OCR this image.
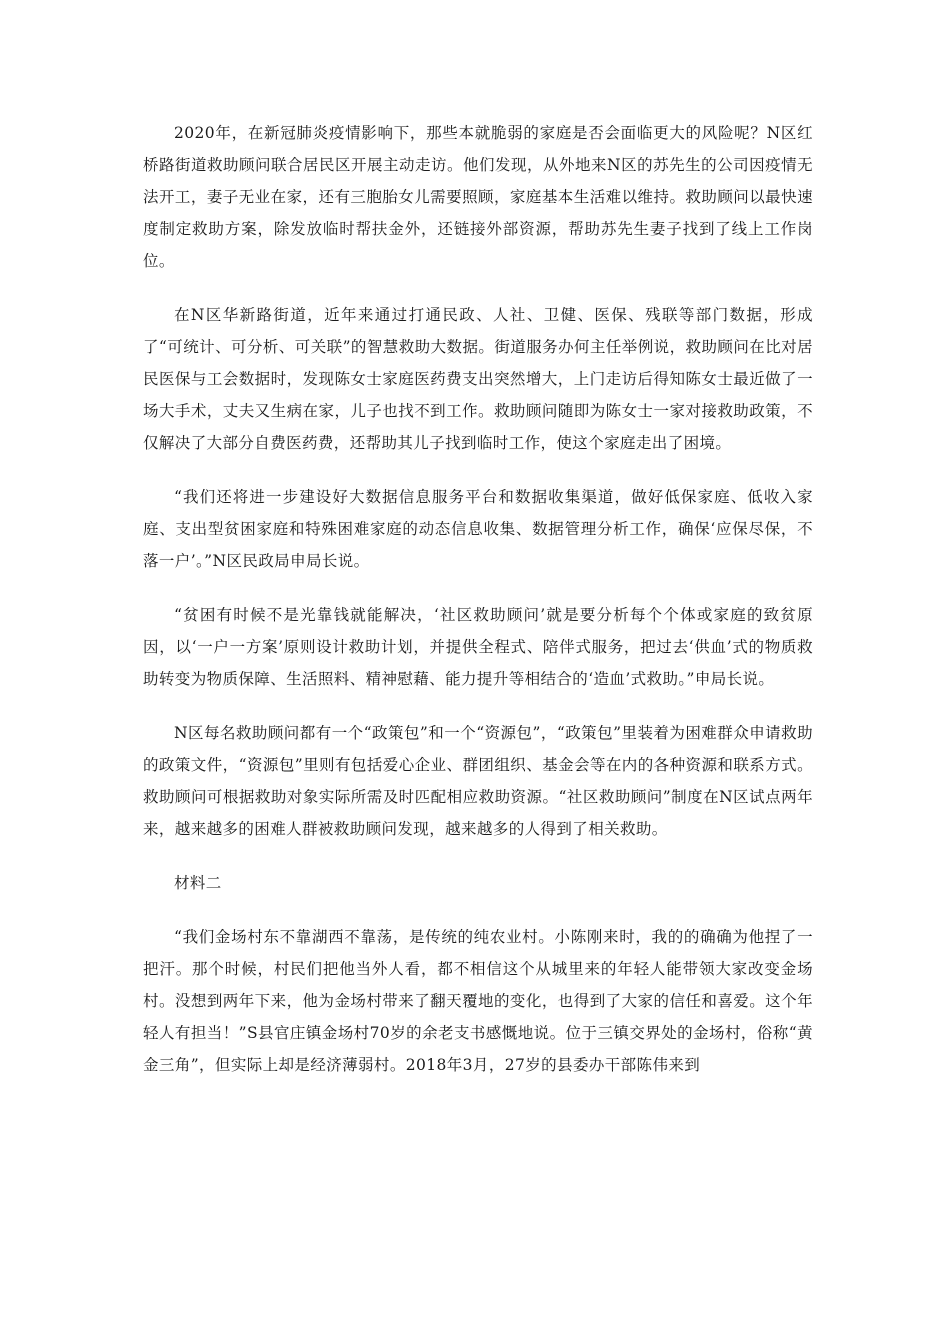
2020年，在新冠肺炎疫情影响下，那些本就脆弱的家庭是否会面临更大的风险呢？N区红桥路街道救助顾问联合居民区开展主动走访。他们发现，从外地来N区的苏先生的公司因疫情无法开工，妻子无业在家，还有三胞胎女儿需要照顾，家庭基本生活难以维持。救助顾问以最快速度制定救助方案，除发放临时帮扶金外，还链接外部资源，帮助苏先生妻子找到了线上工作岗位。

在N区华新路街道，近年来通过打通民政、人社、卫健、医保、残联等部门数据，形成了“可统计、可分析、可关联”的智慧救助大数据。街道服务办何主任举例说，救助顾问在比对居民医保与工会数据时，发现陈女士家庭医药费支出突然增大，上门走访后得知陈女士最近做了一场大手术，丈夫又生病在家，儿子也找不到工作。救助顾问随即为陈女士一家对接救助政策，不仅解决了大部分自费医药费，还帮助其儿子找到临时工作，使这个家庭走出了困境。

“我们还将进一步建设好大数据信息服务平台和数据收集渠道，做好低保家庭、低收入家庭、支出型贫困家庭和特殊困难家庭的动态信息收集、数据管理分析工作，确保‘应保尽保，不落一户’。”N区民政局申局长说。

“贫困有时候不是光靠钱就能解决，‘社区救助顾问’就是要分析每个个体或家庭的致贫原因，以‘一户一方案’原则设计救助计划，并提供全程式、陪伴式服务，把过去‘供血’式的物质救助转变为物质保障、生活照料、精神慰藉、能力提升等相结合的‘造血’式救助。”申局长说。

N区每名救助顾问都有一个“政策包”和一个“资源包”，“政策包”里装着为困难群众申请救助的政策文件，“资源包”里则有包括爱心企业、群团组织、基金会等在内的各种资源和联系方式。救助顾问可根据救助对象实际所需及时匹配相应救助资源。“社区救助顾问”制度在N区试点两年来，越来越多的困难人群被救助顾问发现，越来越多的人得到了相关救助。

材料二

“我们金场村东不靠湖西不靠荡，是传统的纯农业村。小陈刚来时，我的的确确为他捏了一把汗。那个时候，村民们把他当外人看，都不相信这个从城里来的年轻人能带领大家改变金场村。没想到两年下来，他为金场村带来了翻天覆地的变化，也得到了大家的信任和喜爱。这个年轻人有担当！”S县官庄镇金场村70岁的余老支书感慨地说。位于三镇交界处的金场村，俗称“黄金三角”，但实际上却是经济薄弱村。2018年3月，27岁的县委办干部陈伟来到
